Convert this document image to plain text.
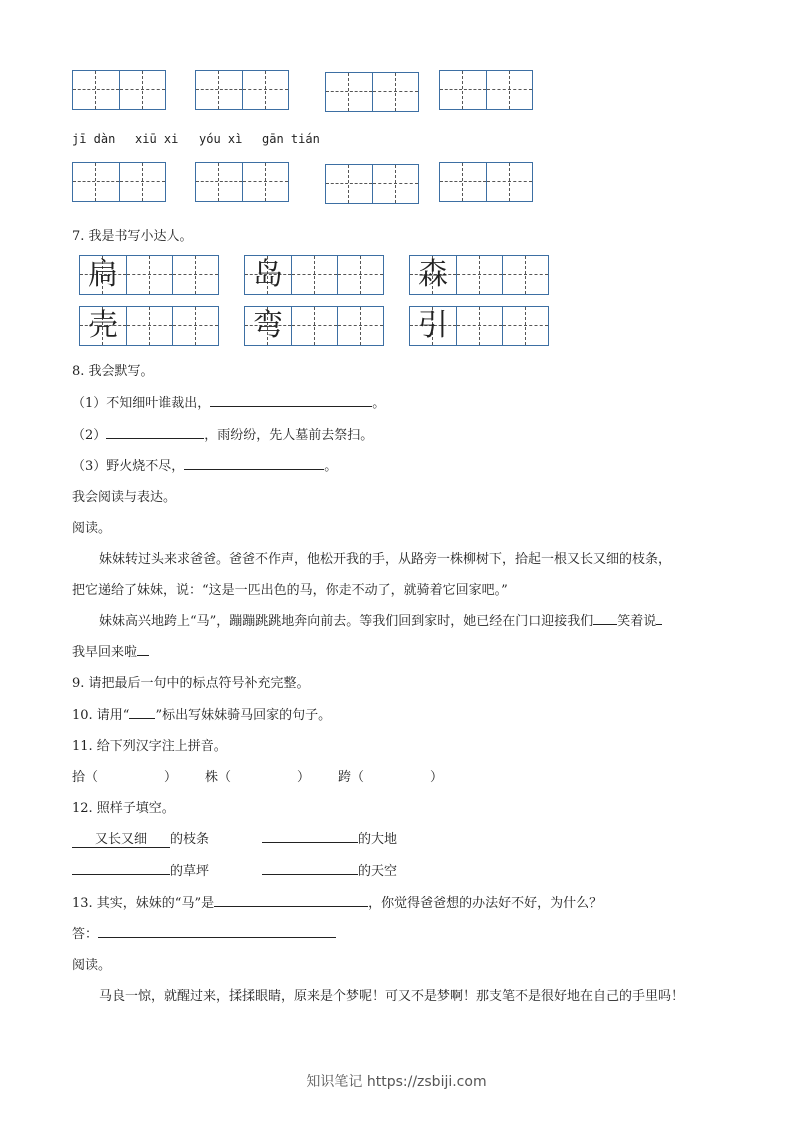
jī dàn xiū xi yóu xì gān tián
7. 我是书写小达人。
扃	岛	森
壳	弯	引
8. 我会默写。
（1）不知细叶谁裁出，	。
（2）	，雨纷纷，先人墓前去祭扫。
（3）野火烧不尽，	。
我会阅读与表达。
阅读。
妹妹转过头来求爸爸。爸爸不作声，他松开我的手，从路旁一株柳树下，拾起一根又长又细的枝条，
把它递给了妹妹，说：“这是一匹出色的马，你走不动了，就骑着它回家吧。”
妹妹高兴地跨上“马”，蹦蹦跳跳地奔向前去。等我们回到家时，她已经在门口迎接我们 笑着说
我早回来啦
9. 请把最后一句中的标点符号补充完整。
10. 请用“ ”标出写妹妹骑马回家的句子。
11. 给下列汉字注上拼音。
拾（	） 株（	） 跨（	）
12. 照样子填空。
又长又细 的枝条	的大地
的草坪	的天空
13. 其实，妹妹的“马”是	，你觉得爸爸想的办法好不好，为什么？
答：
阅读。
马良一惊，就醒过来，揉揉眼睛，原来是个梦呢！可又不是梦啊！那支笔不是很好地在自己的手里吗！
知识笔记 https://zsbiji.com
